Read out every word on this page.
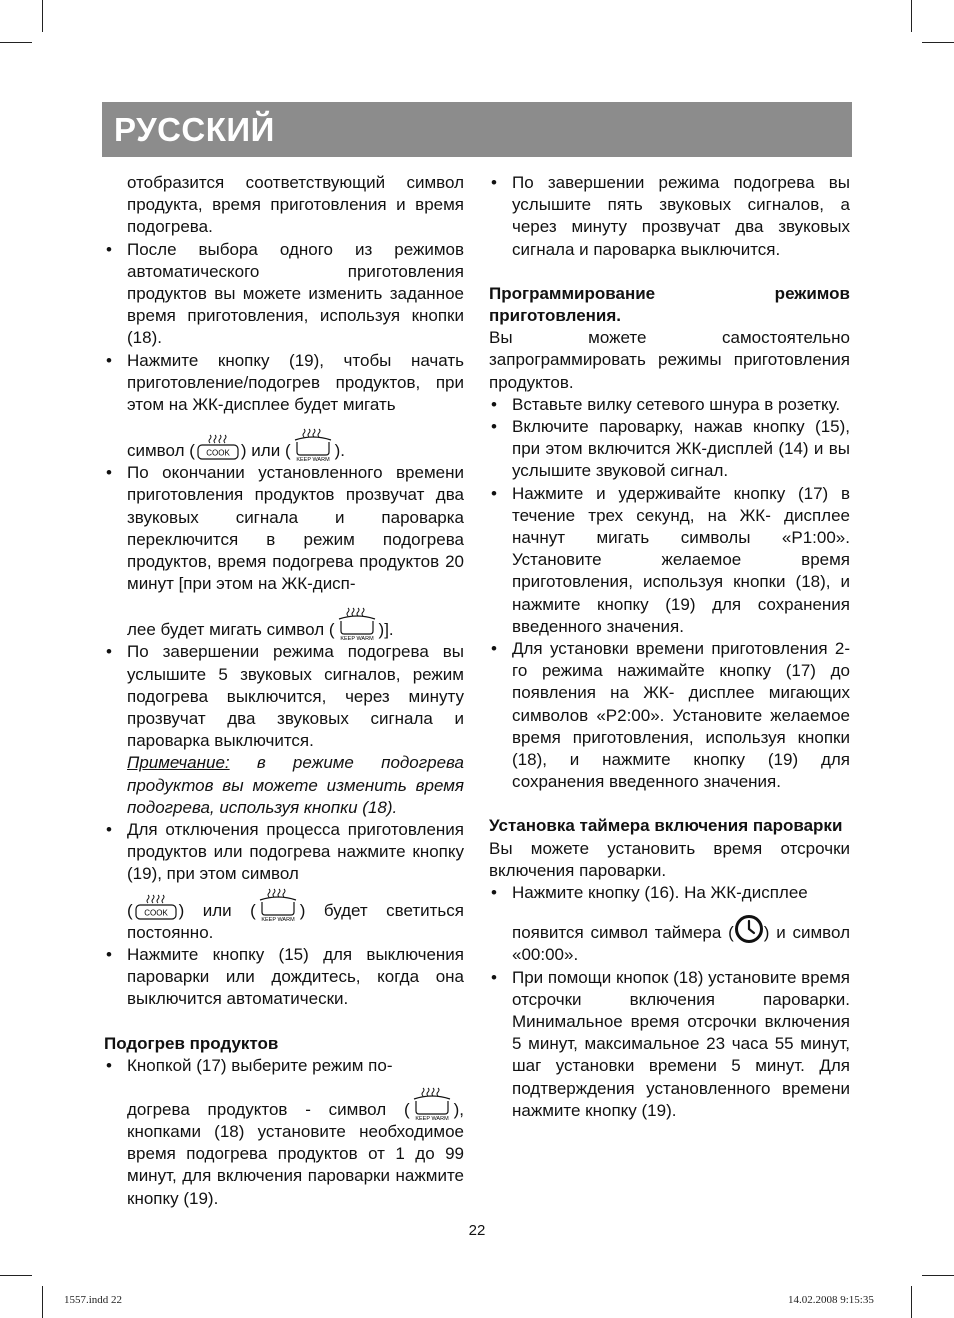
РУССКИЙ
отобразится соответствующий символ продукта, время приготовления и время подогрева.
• После выбора одного из режимов автоматического приготовления продуктов вы можете изменить заданное время приготовления, используя кнопки (18).
• Нажмите кнопку (19), чтобы начать приготовление/подогрев продуктов, при этом на ЖК-дисплее будет мигать
символ ( COOK ) или (
KEEP WARM
).
• По окончании установленного времени приготовления продуктов прозвучат два звуковых сигнала и пароварка переключится в режим подогрева продуктов, время подогрева продуктов 20 минут [при этом на ЖК-дисп-
лее будет мигать символ (
KEEP WARM
)].
• По завершении режима подогрева вы услышите 5 звуковых сигналов, режим подогрева выключится, через минуту прозвучат два звуковых сигнала и пароварка выключится.
Примечание: в режиме подогрева продуктов вы можете изменить время подогрева, используя кнопки (18).
• Для отключения процесса приготовления продуктов или подогрева нажмите кнопку (19), при этом символ
( COOK ) или (
KEEP WARM
) будет светиться постоянно.
• Нажмите кнопку (15) для выключения пароварки или дождитесь, когда она выключится автоматически.
Подогрев продуктов
• Кнопкой (17) выберите режим по-
догрева продуктов - символ (
KEEP WARM
), кнопками (18) установите необходимое время подогрева продуктов от 1 до 99 минут, для включения пароварки нажмите кнопку (19).
• По завершении режима подогрева вы услышите пять звуковых сигналов, а через минуту прозвучат два звуковых сигнала и пароварка выключится.
Программирование режимов приготовления.
Вы можете самостоятельно запрограммировать режимы приготовления продуктов.
• Вставьте вилку сетевого шнура в розетку.
• Включите пароварку, нажав кнопку (15), при этом включится ЖК-дисплей (14) и вы услышите звуковой сигнал.
• Нажмите и удерживайте кнопку (17) в течение трех секунд, на ЖК- дисплее начнут мигать символы «P1:00». Установите желаемое время приготовления, используя кнопки (18), и нажмите кнопку (19) для сохранения введенного значения.
• Для установки времени приготовления 2-го режима нажимайте кнопку (17) до появления на ЖК- дисплее мигающих символов «P2:00». Установите желаемое время приготовления, используя кнопки (18), и нажмите кнопку (19) для сохранения введенного значения.
Установка таймера включения пароварки
Вы можете установить время отсрочки включения пароварки.
• Нажмите кнопку (16). На ЖК-дисплее
появится символ таймера ( ) и символ «00:00».
• При помощи кнопок (18) установите время отсрочки включения пароварки. Минимальное время отсрочки включения 5 минут, максимальное 23 часа 55 минут, шаг установки времени 5 минут. Для подтверждения установленного времени нажмите кнопку (19).
22
1557.indd 22	14.02.2008 9:15:35
